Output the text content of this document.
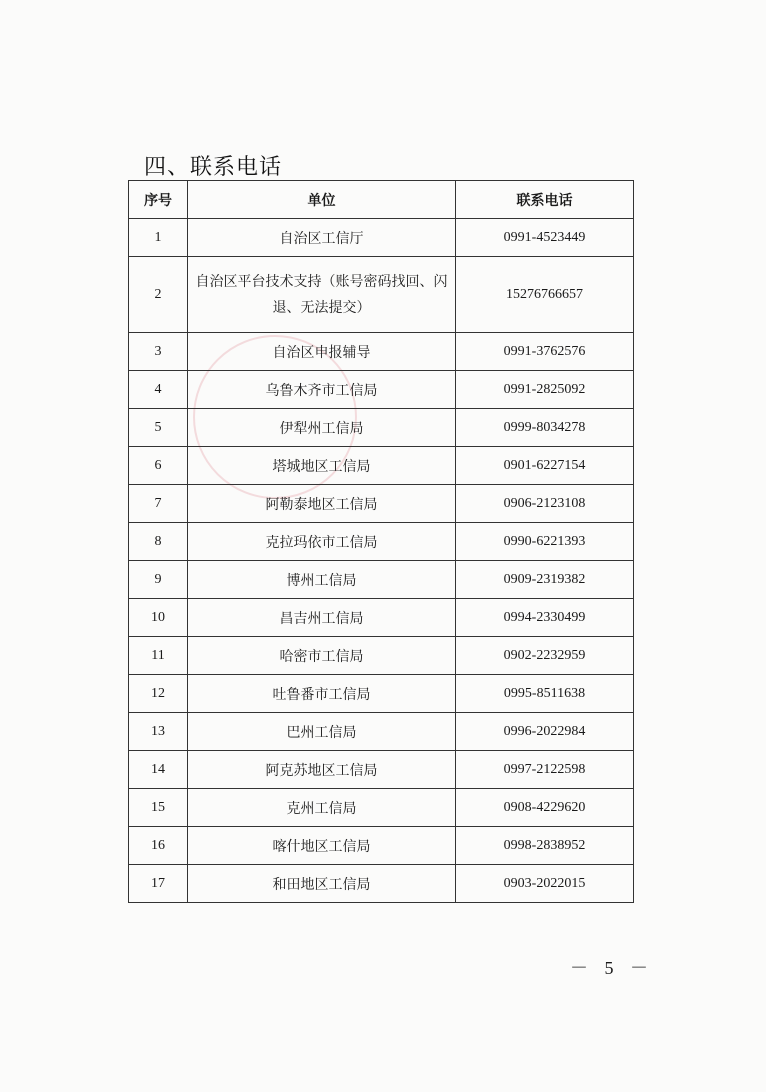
四、联系电话
序号	单位	联系电话
1	自治区工信厅	0991-4523449
2	自治区平台技术支持（账号密码找回、闪退、无法提交）	15276766657
3	自治区申报辅导	0991-3762576
4	乌鲁木齐市工信局	0991-2825092
5	伊犁州工信局	0999-8034278
6	塔城地区工信局	0901-6227154
7	阿勒泰地区工信局	0906-2123108
8	克拉玛依市工信局	0990-6221393
9	博州工信局	0909-2319382
10	昌吉州工信局	0994-2330499
11	哈密市工信局	0902-2232959
12	吐鲁番市工信局	0995-8511638
13	巴州工信局	0996-2022984
14	阿克苏地区工信局	0997-2122598
15	克州工信局	0908-4229620
16	喀什地区工信局	0998-2838952
17	和田地区工信局	0903-2022015
－ 5 －
